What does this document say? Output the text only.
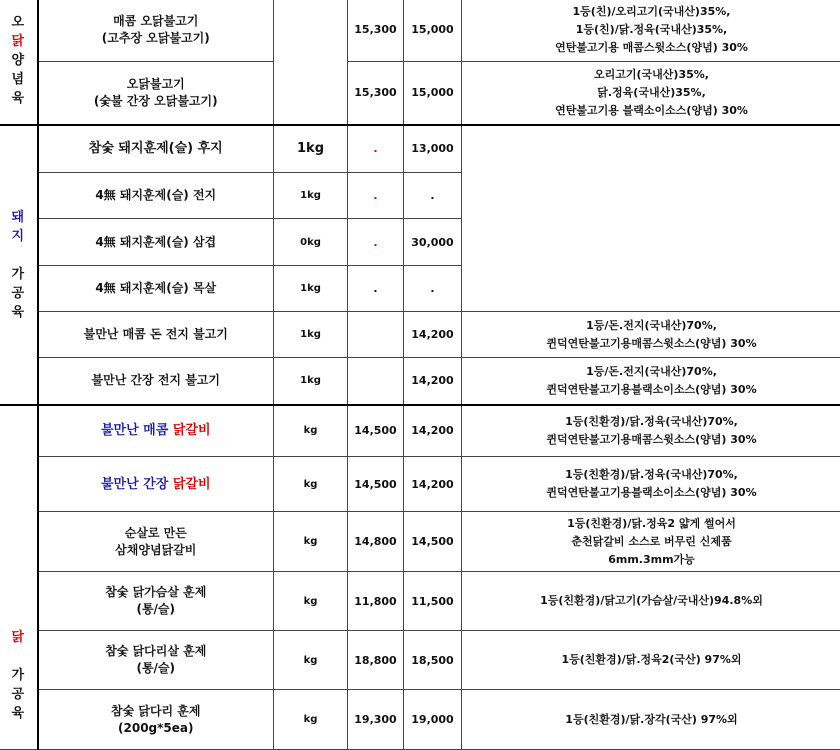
오
닭
양
념
육	매콤 오닭불고기
(고추장 오닭불고기)		15,300	15,000	1등(친)/오리고기(국내산)35%,
1등(친)/닭.정육(국내산)35%,
연탄불고기용 매콤스윗소스(양념) 30%
	오닭불고기
(숯불 간장 오닭불고기)		15,300	15,000	오리고기(국내산)35%,
닭.정육(국내산)35%,
연탄불고기용 블랙소이소스(양념) 30%

돼
지

가
공
육	참숯 돼지훈제(슬) 후지	1kg	.	13,000	

	4無 돼지훈제(슬) 전지	1kg	.	.	
	4無 돼지훈제(슬) 삼겹	0kg	.	30,000	
	4無 돼지훈제(슬) 목살	1kg	.	.	
	불만난 매콤 돈 전지 불고기	1kg		14,200	1등/돈.전지(국내산)70%,
퀸덕연탄불고기용매콤스윗소스(양념) 30%
	불만난 간장 전지 불고기	1kg		14,200	1등/돈.전지(국내산)70%,
퀸덕연탄불고기용블랙소이소스(양념) 30%

닭

가
공
육	불만난 매콤 닭갈비	kg	14,500	14,200	1등(친환경)/닭.정육(국내산)70%,
퀸덕연탄불고기용매콤스윗소스(양념) 30%
	불만난 간장 닭갈비	kg	14,500	14,200	1등(친환경)/닭.정육(국내산)70%,
퀸덕연탄불고기용블랙소이소스(양념) 30%
	순살로 만든
삼채양념닭갈비	kg	14,800	14,500	1등(친환경)/닭.정육2 얇게 썰어서
춘천닭갈비 소스로 버무린 신제품
6mm.3mm가능
	참숯 닭가슴살 훈제
(통/슬)	kg	11,800	11,500	1등(친환경)/닭고기(가슴살/국내산)94.8%외
	참숯 닭다리살 훈제
(통/슬)	kg	18,800	18,500	1등(친환경)/닭.정육2(국산) 97%외
	참숯 닭다리 훈제
(200g*5ea)	kg	19,300	19,000	1등(친환경)/닭.장각(국산) 97%외
